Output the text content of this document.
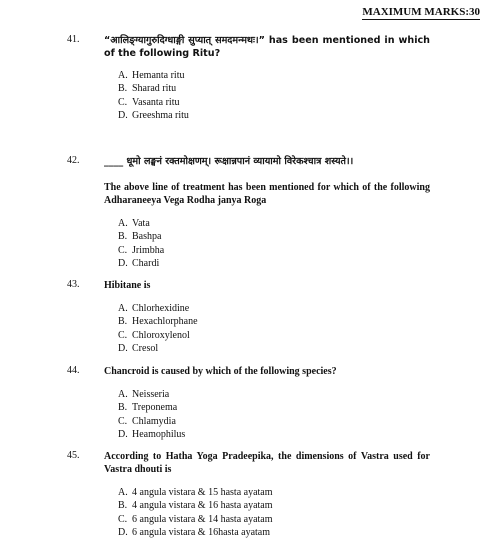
MAXIMUM MARKS:30
41.	“आलिङ्ग्यागुरुदिग्धाङ्गी सुप्यात् समदमन्मथः।” has been mentioned in which of the following Ritu?
A. Hemanta ritu
B. Sharad ritu
C. Vasanta ritu
D. Greeshma ritu
42.	____ धूमो लङ्घनं रक्तमोक्षणम्। रूक्षान्नपानं व्यायामो विरेकश्चात्र शस्यते।।
The above line of treatment has been mentioned for which of the following Adharaneeya Vega Rodha janya Roga
A. Vata
B. Bashpa
C. Jrimbha
D. Chardi
43. Hibitane is
A. Chlorhexidine
B. Hexachlorphane
C. Chloroxylenol
D. Cresol
44. Chancroid is caused by which of the following species?
A. Neisseria
B. Treponema
C. Chlamydia
D. Heamophilus
45. According to Hatha Yoga Pradeepika, the dimensions of Vastra used for Vastra dhouti is
A. 4 angula vistara & 15 hasta ayatam
B. 4 angula vistara & 16 hasta ayatam
C. 6 angula vistara & 14 hasta ayatam
D. 6 angula vistara & 16hasta ayatam
